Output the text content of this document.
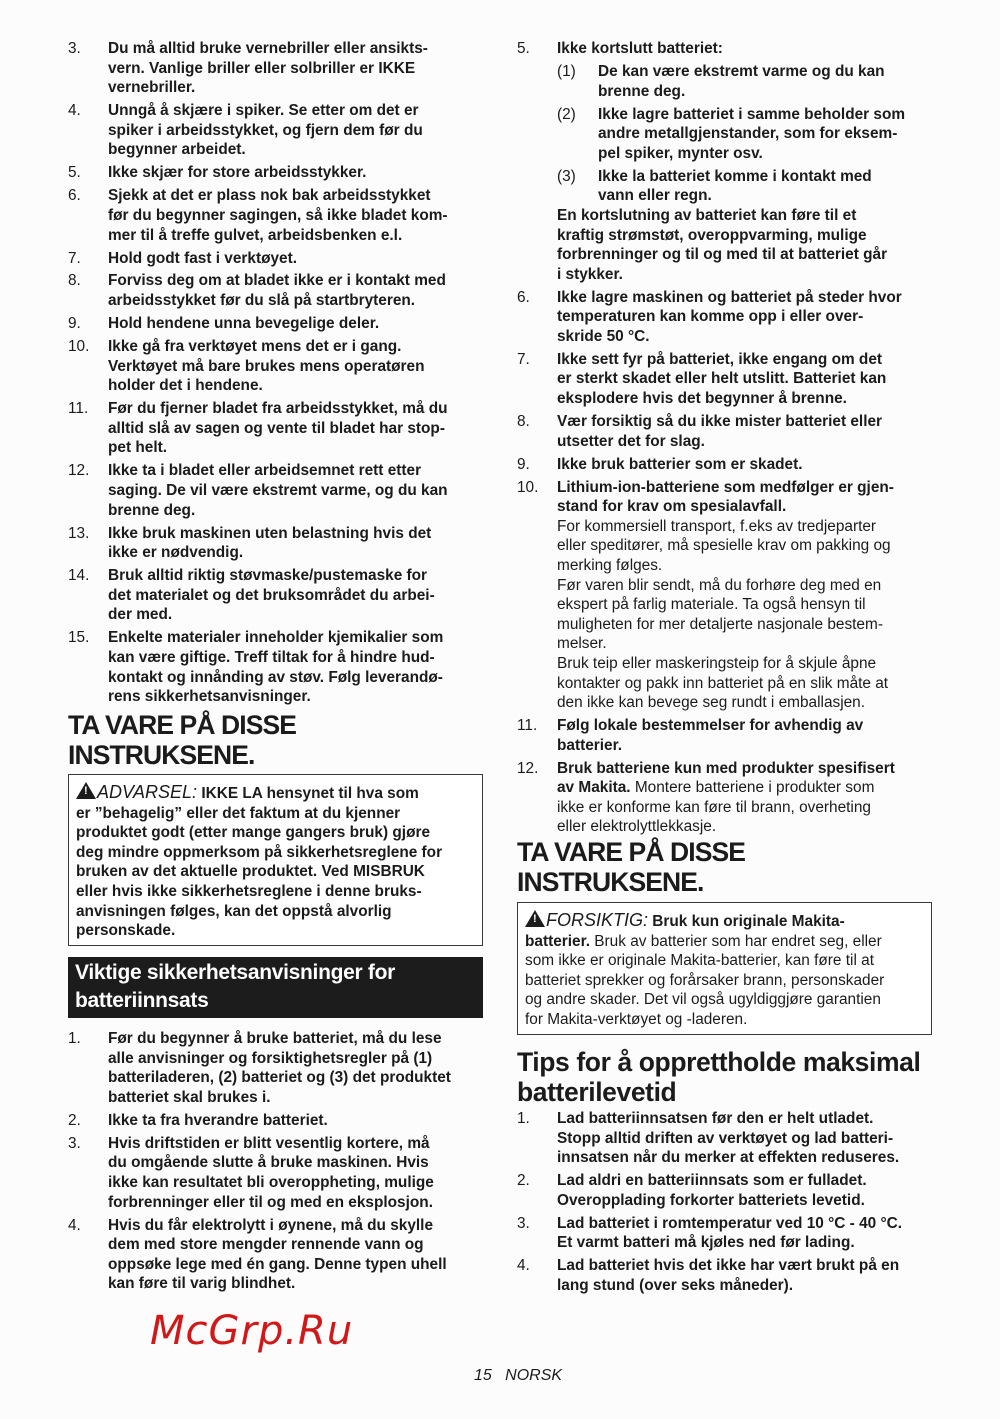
3. Du må alltid bruke vernebriller eller ansikts-
vern. Vanlige briller eller solbriller er IKKE
vernebriller.
4. Unngå å skjære i spiker. Se etter om det er
spiker i arbeidsstykket, og fjern dem før du
begynner arbeidet.
5. Ikke skjær for store arbeidsstykker.
6. Sjekk at det er plass nok bak arbeidsstykket
før du begynner sagingen, så ikke bladet kom-
mer til å treffe gulvet, arbeidsbenken e.l.
7. Hold godt fast i verktøyet.
8. Forviss deg om at bladet ikke er i kontakt med
arbeidsstykket før du slå på startbryteren.
9. Hold hendene unna bevegelige deler.
10. Ikke gå fra verktøyet mens det er i gang.
Verktøyet må bare brukes mens operatøren
holder det i hendene.
11. Før du fjerner bladet fra arbeidsstykket, må du
alltid slå av sagen og vente til bladet har stop-
pet helt.
12. Ikke ta i bladet eller arbeidsemnet rett etter
saging. De vil være ekstremt varme, og du kan
brenne deg.
13. Ikke bruk maskinen uten belastning hvis det
ikke er nødvendig.
14. Bruk alltid riktig støvmaske/pustemaske for
det materialet og det bruksområdet du arbei-
der med.
15. Enkelte materialer inneholder kjemikalier som
kan være giftige. Treff tiltak for å hindre hud-
kontakt og innånding av støv. Følg leverandø-
rens sikkerhetsanvisninger.
TA VARE PÅ DISSE
INSTRUKSENE.
!ADVARSEL: IKKE LA hensynet til hva som
er ”behagelig” eller det faktum at du kjenner
produktet godt (etter mange gangers bruk) gjøre
deg mindre oppmerksom på sikkerhetsreglene for
bruken av det aktuelle produktet. Ved MISBRUK
eller hvis ikke sikkerhetsreglene i denne bruks-
anvisningen følges, kan det oppstå alvorlig
personskade.
Viktige sikkerhetsanvisninger for
batteriinnsats
1. Før du begynner å bruke batteriet, må du lese
alle anvisninger og forsiktighetsregler på (1)
batteriladeren, (2) batteriet og (3) det produktet
batteriet skal brukes i.
2. Ikke ta fra hverandre batteriet.
3. Hvis driftstiden er blitt vesentlig kortere, må
du omgående slutte å bruke maskinen. Hvis
ikke kan resultatet bli overoppheting, mulige
forbrenninger eller til og med en eksplosjon.
4. Hvis du får elektrolytt i øynene, må du skylle
dem med store mengder rennende vann og
oppsøke lege med én gang. Denne typen uhell
kan føre til varig blindhet.
5. Ikke kortslutt batteriet:
(1) De kan være ekstremt varme og du kan
brenne deg.
(2) Ikke lagre batteriet i samme beholder som
andre metallgjenstander, som for eksem-
pel spiker, mynter osv.
(3) Ikke la batteriet komme i kontakt med
vann eller regn.
En kortslutning av batteriet kan føre til et
kraftig strømstøt, overoppvarming, mulige
forbrenninger og til og med til at batteriet går
i stykker.
6. Ikke lagre maskinen og batteriet på steder hvor
temperaturen kan komme opp i eller over-
skride 50 °C.
7. Ikke sett fyr på batteriet, ikke engang om det
er sterkt skadet eller helt utslitt. Batteriet kan
eksplodere hvis det begynner å brenne.
8. Vær forsiktig så du ikke mister batteriet eller
utsetter det for slag.
9. Ikke bruk batterier som er skadet.
10. Lithium-ion-batteriene som medfølger er gjen-
stand for krav om spesialavfall.
For kommersiell transport, f.eks av tredjeparter
eller speditører, må spesielle krav om pakking og
merking følges.
Før varen blir sendt, må du forhøre deg med en
ekspert på farlig materiale. Ta også hensyn til
muligheten for mer detaljerte nasjonale bestem-
melser.
Bruk teip eller maskeringsteip for å skjule åpne
kontakter og pakk inn batteriet på en slik måte at
den ikke kan bevege seg rundt i emballasjen.
11. Følg lokale bestemmelser for avhendig av
batterier.
12. Bruk batteriene kun med produkter spesifisert
av Makita. Montere batteriene i produkter som
ikke er konforme kan føre til brann, overheting
eller elektrolyttlekkasje.
TA VARE PÅ DISSE
INSTRUKSENE.
!FORSIKTIG: Bruk kun originale Makita-
batterier. Bruk av batterier som har endret seg, eller
som ikke er originale Makita-batterier, kan føre til at
batteriet sprekker og forårsaker brann, personskader
og andre skader. Det vil også ugyldiggjøre garantien
for Makita-verktøyet og -laderen.
Tips for å opprettholde maksimal
batterilevetid
1. Lad batteriinnsatsen før den er helt utladet.
Stopp alltid driften av verktøyet og lad batteri-
innsatsen når du merker at effekten reduseres.
2. Lad aldri en batteriinnsats som er fulladet.
Overopplading forkorter batteriets levetid.
3. Lad batteriet i romtemperatur ved 10 °C - 40 °C.
Et varmt batteri må kjøles ned før lading.
4. Lad batteriet hvis det ikke har vært brukt på en
lang stund (over seks måneder).
15 NORSK
McGrp.Ru
